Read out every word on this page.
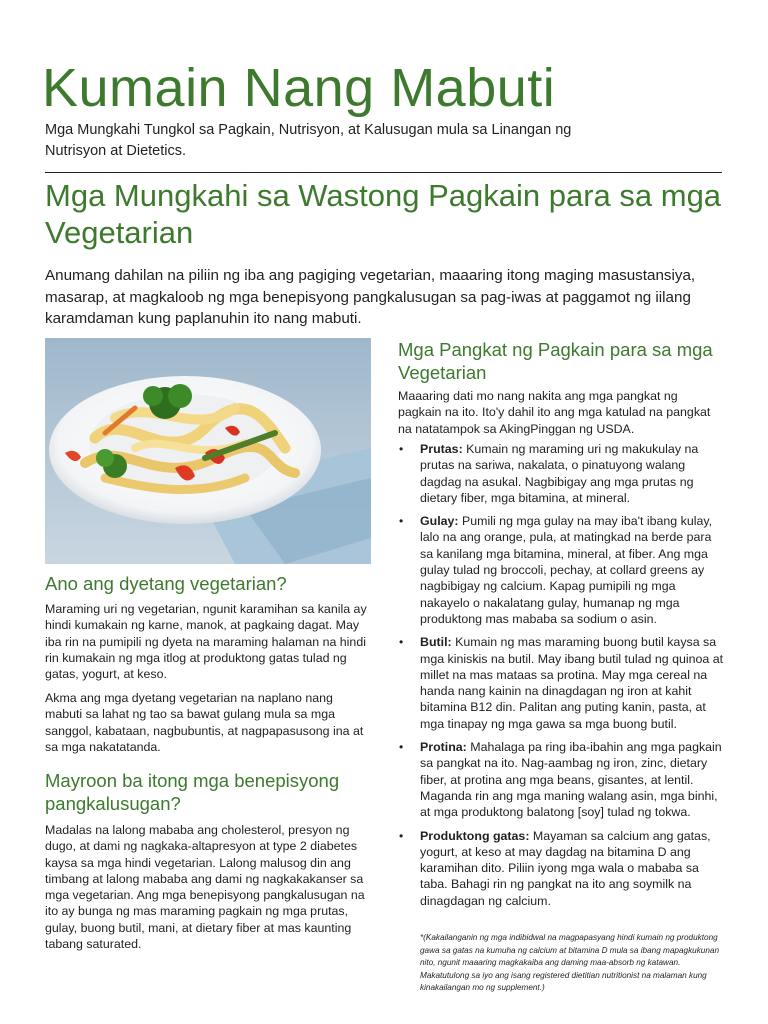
Kumain Nang Mabuti

Mga Mungkahi Tungkol sa Pagkain, Nutrisyon, at Kalusugan mula sa Linangan ng Nutrisyon at Dietetics.

Mga Mungkahi sa Wastong Pagkain para sa mga Vegetarian

Anumang dahilan na piliin ng iba ang pagiging vegetarian, maaaring itong maging masustansiya, masarap, at magkaloob ng mga benepisyong pangkalusugan sa pag-iwas at paggamot ng iilang karamdaman kung paplanuhin ito nang mabuti.

Ano ang dyetang vegetarian?

Maraming uri ng vegetarian, ngunit karamihan sa kanila ay hindi kumakain ng karne, manok, at pagkaing dagat. May iba rin na pumipili ng dyeta na maraming halaman na hindi rin kumakain ng mga itlog at produktong gatas tulad ng gatas, yogurt, at keso.

Akma ang mga dyetang vegetarian na naplano nang mabuti sa lahat ng tao sa bawat gulang mula sa mga sanggol, kabataan, nagbubuntis, at nagpapasusong ina at sa mga nakatatanda.

Mayroon ba itong mga benepisyong pangkalusugan?

Madalas na lalong mababa ang cholesterol, presyon ng dugo, at dami ng nagkaka-altapresyon at type 2 diabetes kaysa sa mga hindi vegetarian. Lalong malusog din ang timbang at lalong mababa ang dami ng nagkakakanser sa mga vegetarian. Ang mga benepisyong pangkalusugan na ito ay bunga ng mas maraming pagkain ng mga prutas, gulay, buong butil, mani, at dietary fiber at mas kaunting tabang saturated.

Mga Pangkat ng Pagkain para sa mga Vegetarian

Maaaring dati mo nang nakita ang mga pangkat ng pagkain na ito. Ito'y dahil ito ang mga katulad na pangkat na natatampok sa AkingPinggan ng USDA.

• Prutas: Kumain ng maraming uri ng makukulay na prutas na sariwa, nakalata, o pinatuyong walang dagdag na asukal. Nagbibigay ang mga prutas ng dietary fiber, mga bitamina, at mineral.
• Gulay: Pumili ng mga gulay na may iba't ibang kulay, lalo na ang orange, pula, at matingkad na berde para sa kanilang mga bitamina, mineral, at fiber. Ang mga gulay tulad ng broccoli, pechay, at collard greens ay nagbibigay ng calcium. Kapag pumipili ng mga nakayelo o nakalatang gulay, humanap ng mga produktong mas mababa sa sodium o asin.
• Butil: Kumain ng mas maraming buong butil kaysa sa mga kiniskis na butil. May ibang butil tulad ng quinoa at millet na mas mataas sa protina. May mga cereal na handa nang kainin na dinagdagan ng iron at kahit bitamina B12 din. Palitan ang puting kanin, pasta, at mga tinapay ng mga gawa sa mga buong butil.
• Protina: Mahalaga pa ring iba-ibahin ang mga pagkain sa pangkat na ito. Nag-aambag ng iron, zinc, dietary fiber, at protina ang mga beans, gisantes, at lentil. Maganda rin ang mga maning walang asin, mga binhi, at mga produktong balatong [soy] tulad ng tokwa.
• Produktong gatas: Mayaman sa calcium ang gatas, yogurt, at keso at may dagdag na bitamina D ang karamihan dito. Piliin iyong mga wala o mababa sa taba. Bahagi rin ng pangkat na ito ang soymilk na dinagdagan ng calcium.

*(Kakailanganin ng mga indibidwal na magpapasyang hindi kumain ng produktong gawa sa gatas na kumuha ng calcium at bitamina D mula sa ibang mapagkukunan nito, ngunit maaaring magkakaiba ang daming maa-absorb ng katawan. Makatutulong sa iyo ang isang registered dietitian nutritionist na malaman kung kinakailangan mo ng supplement.)
